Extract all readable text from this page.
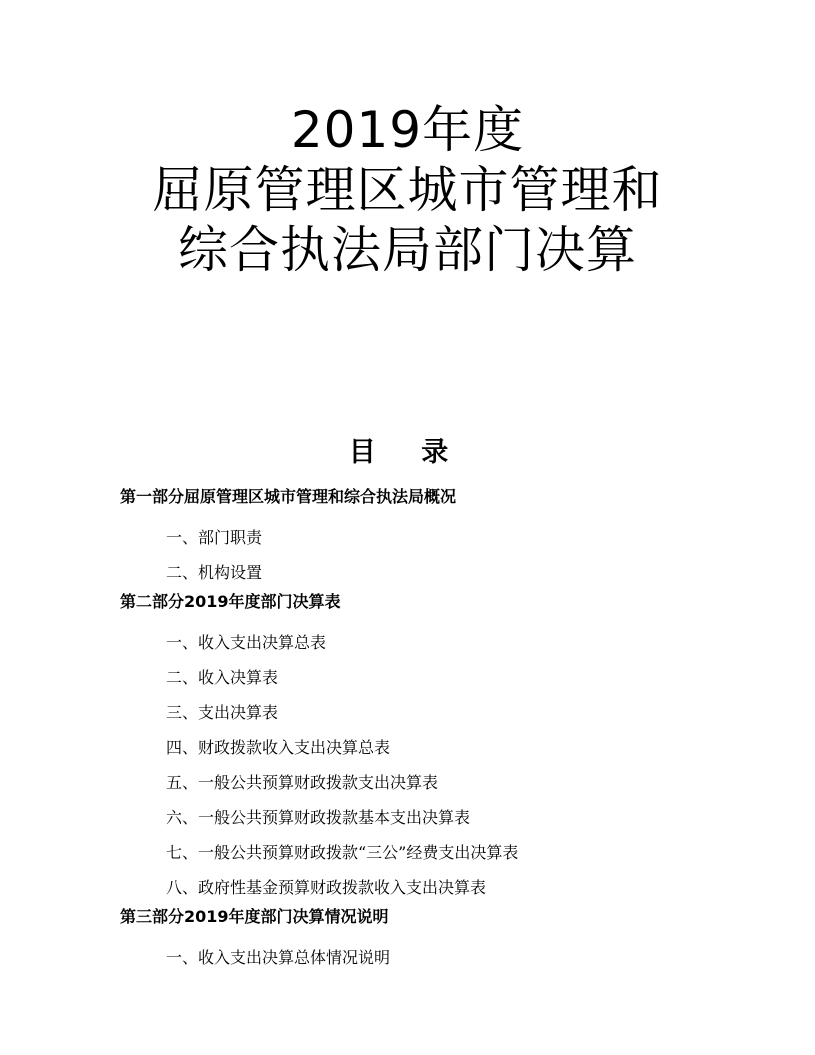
2019年度
屈原管理区城市管理和
综合执法局部门决算
目 录
第一部分屈原管理区城市管理和综合执法局概况
一、部门职责
二、机构设置
第二部分2019年度部门决算表
一、收入支出决算总表
二、收入决算表
三、支出决算表
四、财政拨款收入支出决算总表
五、一般公共预算财政拨款支出决算表
六、一般公共预算财政拨款基本支出决算表
七、一般公共预算财政拨款“三公”经费支出决算表
八、政府性基金预算财政拨款收入支出决算表
第三部分2019年度部门决算情况说明
一、收入支出决算总体情况说明
